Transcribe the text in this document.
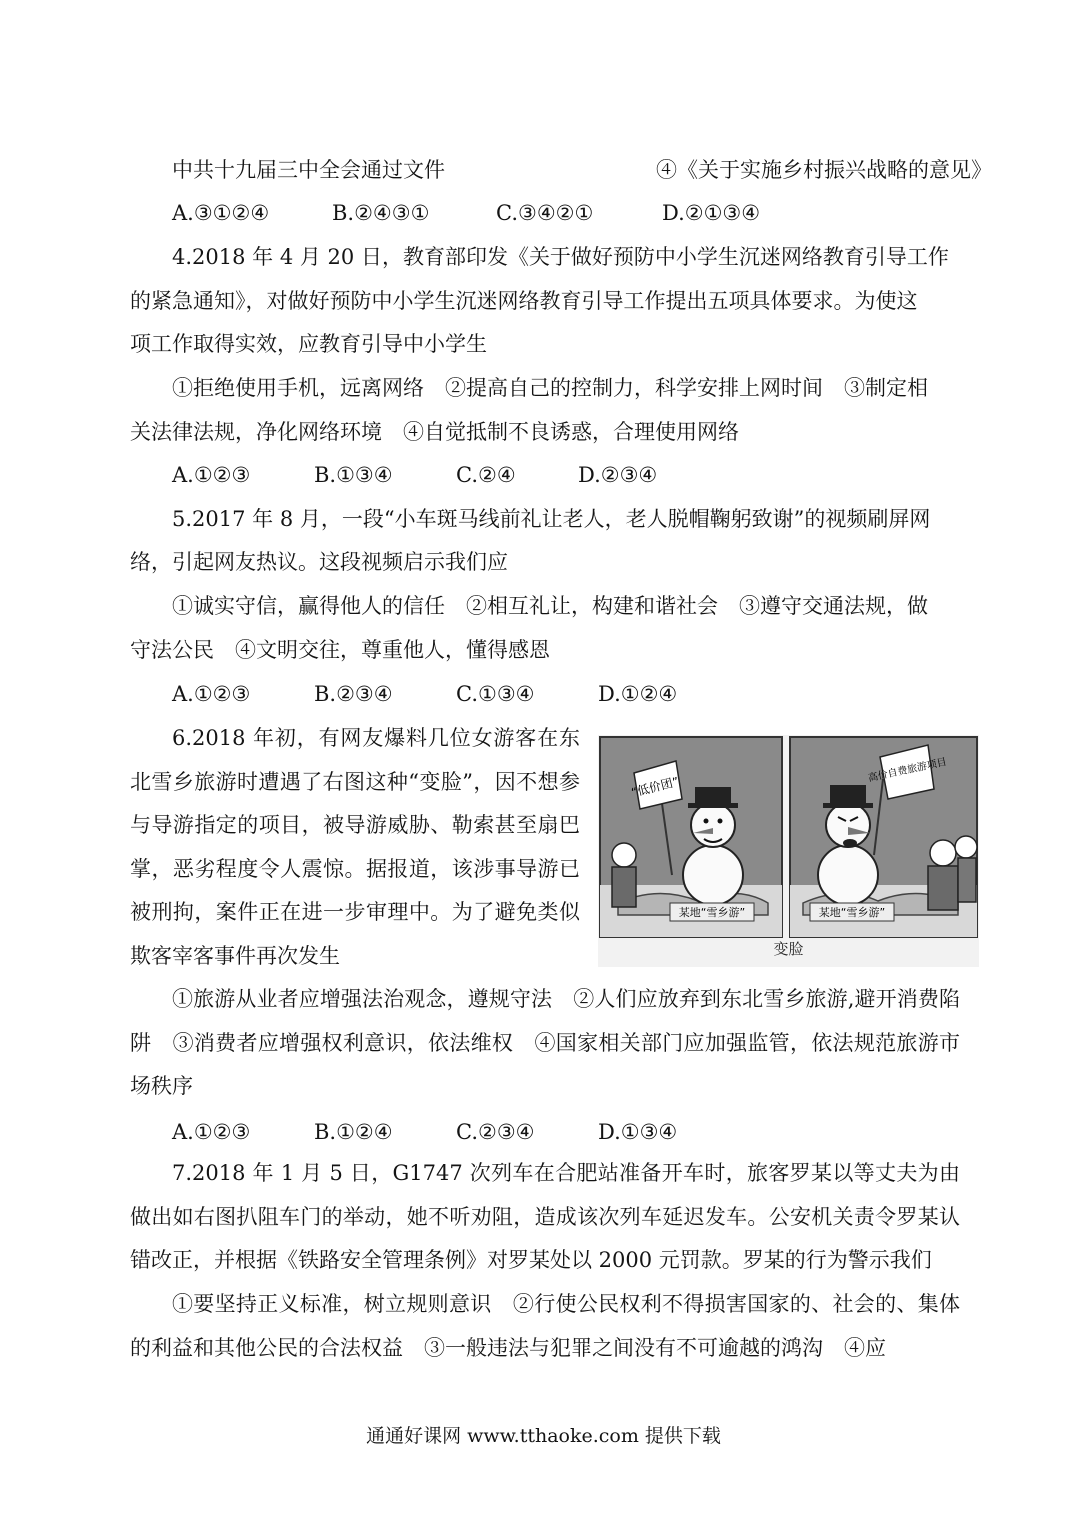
中共十九届三中全会通过文件	④《关于实施乡村振兴战略的意见》
A.③①②④	B.②④③①	C.③④②①	D.②①③④
4.2018 年 4 月 20 日，教育部印发《关于做好预防中小学生沉迷网络教育引导工作
的紧急通知》，对做好预防中小学生沉迷网络教育引导工作提出五项具体要求。为使这
项工作取得实效，应教育引导中小学生
①拒绝使用手机，远离网络　②提高自己的控制力，科学安排上网时间　③制定相
关法律法规，净化网络环境　④自觉抵制不良诱惑，合理使用网络
A.①②③	B.①③④	C.②④	D.②③④
5.2017 年 8 月，一段“小车斑马线前礼让老人，老人脱帽鞠躬致谢”的视频刷屏网
络，引起网友热议。这段视频启示我们应
①诚实守信，赢得他人的信任　②相互礼让，构建和谐社会　③遵守交通法规，做
守法公民　④文明交往，尊重他人，懂得感恩
A.①②③	B.②③④	C.①③④	D.①②④

6.2018 年初，有网友爆料几位女游客在东北雪乡旅游时遭遇了右图这种“变脸”，因不想参与导游指定的项目，被导游威胁、勒索甚至扇巴掌，恶劣程度令人震惊。据报道，该涉事导游已被刑拘，案件正在进一步审理中。为了避免类似欺客宰客事件再次发生

“低价团”
某地“雪乡游”
高价自费旅游项目
某地“雪乡游”
变脸

①旅游从业者应增强法治观念，遵规守法　②人们应放弃到东北雪乡旅游,避开消费陷阱　③消费者应增强权利意识，依法维权　④国家相关部门应加强监管，依法规范旅游市场秩序

A.①②③	B.①②④	C.②③④	D.①③④

7.2018 年 1 月 5 日，G1747 次列车在合肥站准备开车时，旅客罗某以等丈夫为由做出如右图扒阻车门的举动，她不听劝阻，造成该次列车延迟发车。公安机关责令罗某认错改正，并根据《铁路安全管理条例》对罗某处以 2000 元罚款。罗某的行为警示我们

①要坚持正义标准，树立规则意识　②行使公民权利不得损害国家的、社会的、集体的利益和其他公民的合法权益　③一般违法与犯罪之间没有不可逾越的鸿沟　④应

通通好课网 www.tthaoke.com 提供下载
